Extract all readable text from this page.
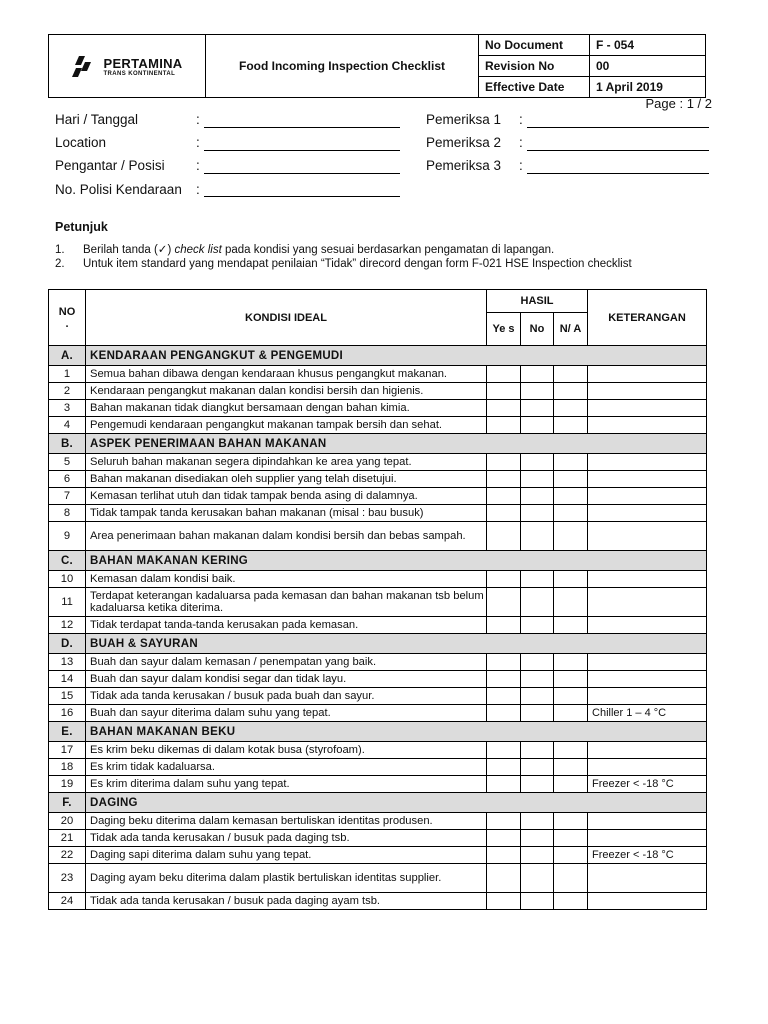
PERTAMINA
TRANS KONTINENTAL	Food Incoming Inspection Checklist	No Document	F - 054
		Revision No	00
		Effective Date	1 April 2019
Page : 1 / 2
Hari / Tanggal	:
Location	:
Pengantar / Posisi :
No. Polisi Kendaraan :
Pemeriksa 1 :
Pemeriksa 2 :
Pemeriksa 3 :
Petunjuk
1. Berilah tanda (✓) check list pada kondisi yang sesuai berdasarkan pengamatan di lapangan.
2. Untuk item standard yang mendapat penilaian “Tidak” direcord dengan form F-021 HSE Inspection checklist
NO
.	KONDISI IDEAL	HASIL			KETERANGAN
		Ye s	No	N/ A	
A.	KENDARAAN PENGANGKUT & PENGEMUDI				
1	Semua bahan dibawa dengan kendaraan khusus pengangkut makanan.				
2	Kendaraan pengangkut makanan dalan kondisi bersih dan higienis.				
3	Bahan makanan tidak diangkut bersamaan dengan bahan kimia.				
4	Pengemudi kendaraan pengangkut makanan tampak bersih dan sehat.				
B.	ASPEK PENERIMAAN BAHAN MAKANAN				
5	Seluruh bahan makanan segera dipindahkan ke area yang tepat.				
6	Bahan makanan disediakan oleh supplier yang telah disetujui.				
7	Kemasan terlihat utuh dan tidak tampak benda asing di dalamnya.				
8	Tidak tampak tanda kerusakan bahan makanan (misal : bau busuk)				
9	Area penerimaan bahan makanan dalam kondisi bersih dan bebas sampah.				
C.	BAHAN MAKANAN KERING				
10	Kemasan dalam kondisi baik.				
11	Terdapat keterangan kadaluarsa pada kemasan dan bahan makanan tsb belum kadaluarsa ketika diterima.				
12	Tidak terdapat tanda-tanda kerusakan pada kemasan.				
D.	BUAH & SAYURAN				
13	Buah dan sayur dalam kemasan / penempatan yang baik.				
14	Buah dan sayur dalam kondisi segar dan tidak layu.				
15	Tidak ada tanda kerusakan / busuk pada buah dan sayur.				
16	Buah dan sayur diterima dalam suhu yang tepat.				Chiller 1 – 4 °C
E.	BAHAN MAKANAN BEKU				
17	Es krim beku dikemas di dalam kotak busa (styrofoam).				
18	Es krim tidak kadaluarsa.				
19	Es krim diterima dalam suhu yang tepat.				Freezer < -18 °C
F.	DAGING				
20	Daging beku diterima dalam kemasan bertuliskan identitas produsen.				
21	Tidak ada tanda kerusakan / busuk pada daging tsb.				
22	Daging sapi diterima dalam suhu yang tepat.				Freezer < -18 °C
23	Daging ayam beku diterima dalam plastik bertuliskan identitas supplier.				
24	Tidak ada tanda kerusakan / busuk pada daging ayam tsb.				
